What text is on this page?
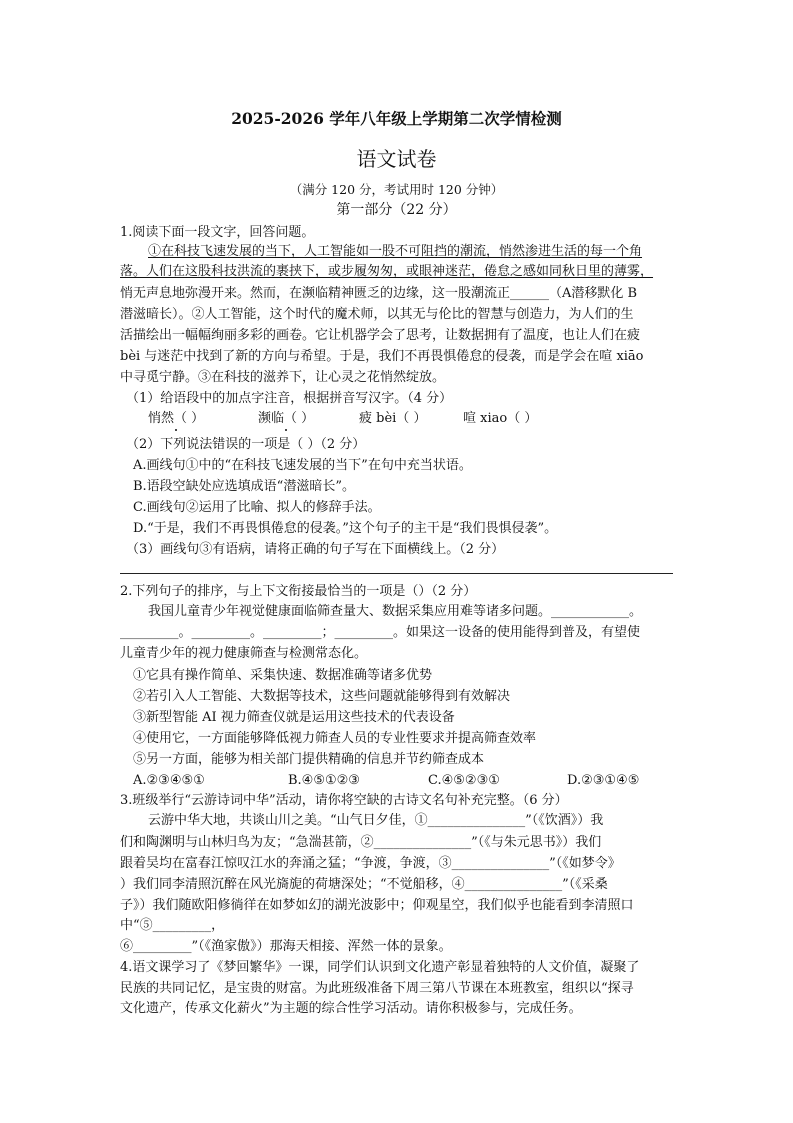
2025-2026 学年八年级上学期第二次学情检测
语文试卷
（满分 120 分，考试用时 120 分钟）
第一部分（22 分）
1.阅读下面一段文字，回答问题。
①在科技飞速发展的当下，人工智能如一股不可阻挡的潮流，悄然渗进生活的每一个角
落。人们在这股科技洪流的裹挟下，或步履匆匆，或眼神迷茫，倦怠之感如同秋日里的薄雾，
悄无声息地弥漫开来。然而，在濒临精神匮乏的边缘，这一股潮流正______（A潜移默化 B
潜滋暗长）。②人工智能，这个时代的魔术师，以其无与伦比的智慧与创造力，为人们的生
活描绘出一幅幅绚丽多彩的画卷。它让机器学会了思考，让数据拥有了温度，也让人们在疲
bèi 与迷茫中找到了新的方向与希望。于是，我们不再畏惧倦怠的侵袭，而是学会在喧 xiāo
中寻觅宁静。③在科技的滋养下，让心灵之花悄然绽放。
（1）给语段中的加点字注音，根据拼音写汉字。（4 分）
悄然（ ）	濒临（ ）	疲 bèi（ ）	喧 xiao（ ）
（2）下列说法错误的一项是（ ）（2 分）
A.画线句①中的“在科技飞速发展的当下”在句中充当状语。
B.语段空缺处应选填成语“潜滋暗长”。
C.画线句②运用了比喻、拟人的修辞手法。
D.“于是，我们不再畏惧倦怠的侵袭。”这个句子的主干是“我们畏惧侵袭”。
（3）画线句③有语病，请将正确的句子写在下面横线上。（2 分）
2.下列句子的排序，与上下文衔接最恰当的一项是（）（2 分）
我国儿童青少年视觉健康面临筛查量大、数据采集应用难等诸多问题。____________。
_________。_________。_________；_________。如果这一设备的使用能得到普及，有望使
儿童青少年的视力健康筛查与检测常态化。
①它具有操作简单、采集快速、数据准确等诸多优势
②若引入人工智能、大数据等技术，这些问题就能够得到有效解决
③新型智能 AI 视力筛查仪就是运用这些技术的代表设备
④使用它，一方面能够降低视力筛查人员的专业性要求并提高筛查效率
⑤另一方面，能够为相关部门提供精确的信息并节约筛查成本
A.②③④⑤①	B.④⑤①②③	C.④⑤②③①	D.②③①④⑤
3.班级举行“云游诗词中华”活动，请你将空缺的古诗文名句补充完整。（6 分）
云游中华大地，共谈山川之美。“山气日夕佳，①_______________”（《饮酒》）我
们和陶渊明与山林归鸟为友；“急湍甚箭，②_______________”（《与朱元思书》）我们
跟着吴均在富春江惊叹江水的奔涌之猛；“争渡，争渡，③_______________”（《如梦令》
）我们同李清照沉醉在风光旖旎的荷塘深处；“不觉船移，④_______________”（《采桑
子》）我们随欧阳修徜徉在如梦如幻的湖光波影中；仰观星空，我们似乎也能看到李清照口
中“⑤_________，
⑥_________”（《渔家傲》）那海天相接、浑然一体的景象。
4.语文课学习了《梦回繁华》一课，同学们认识到文化遗产彰显着独特的人文价值，凝聚了
民族的共同记忆，是宝贵的财富。为此班级准备下周三第八节课在本班教室，组织以“探寻
文化遗产，传承文化薪火”为主题的综合性学习活动。请你积极参与，完成任务。
